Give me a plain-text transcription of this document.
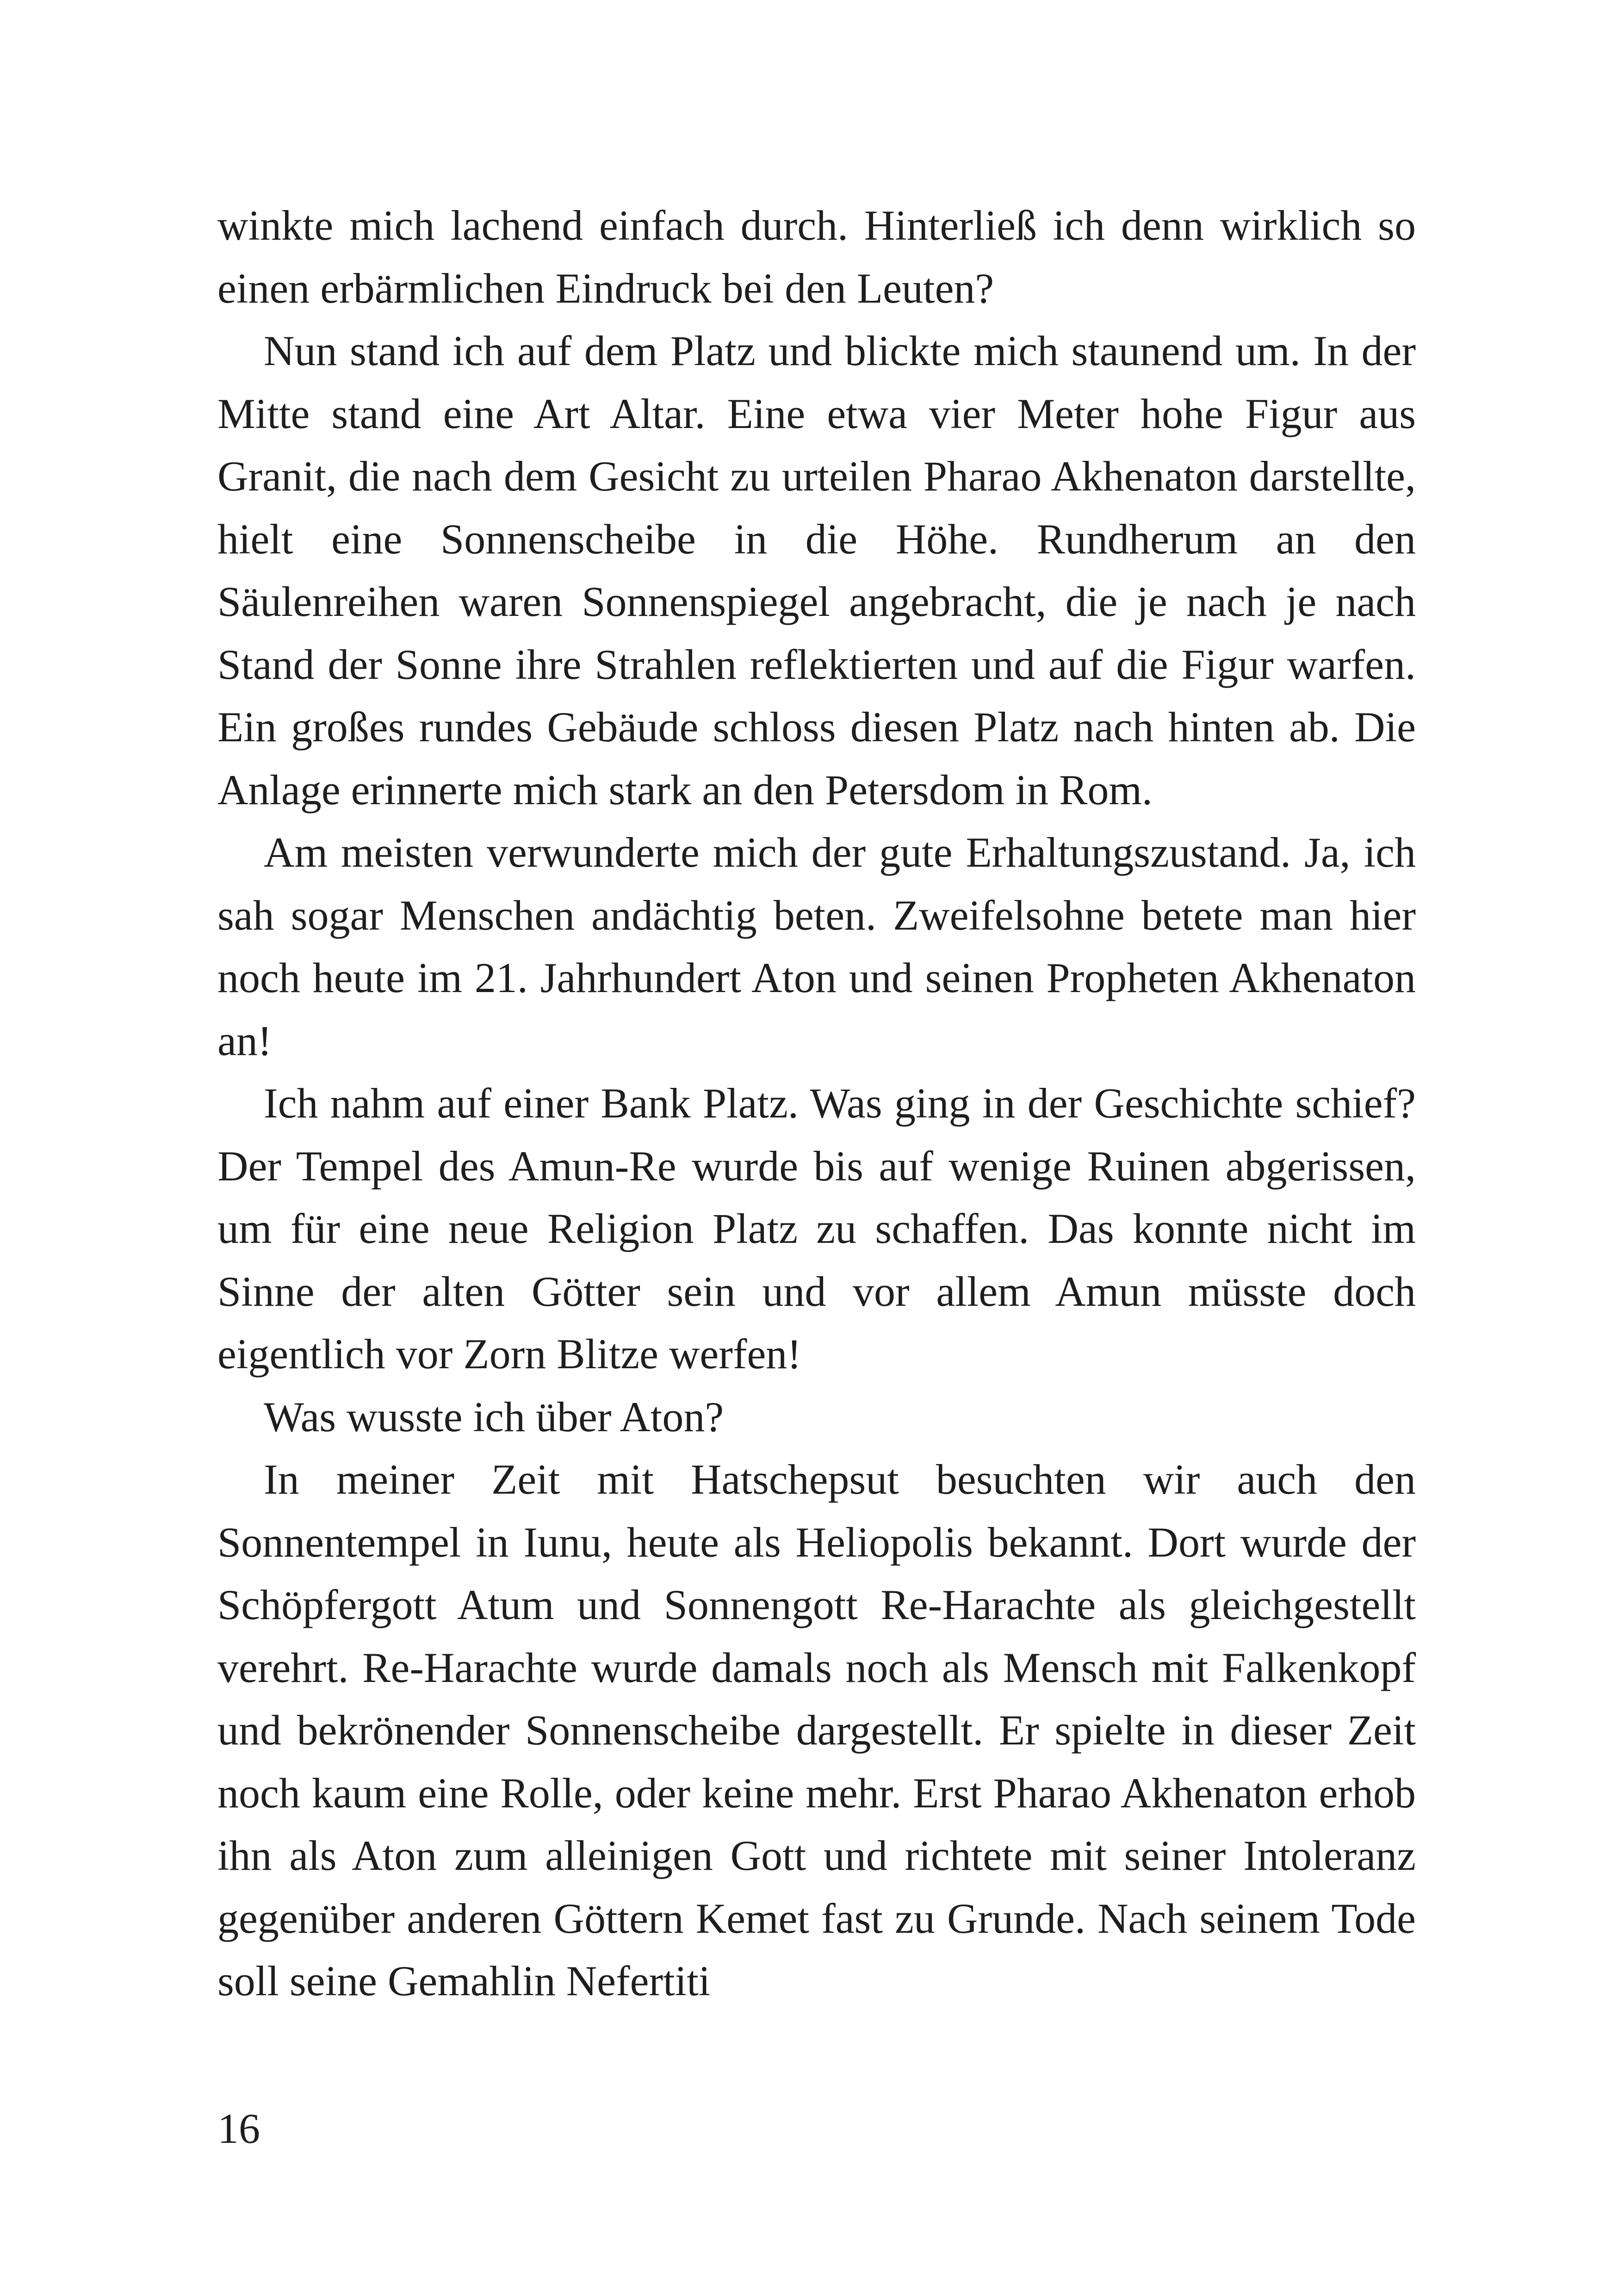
winkte mich lachend einfach durch. Hinterließ ich denn wirklich so einen erbärmlichen Eindruck bei den Leuten?

Nun stand ich auf dem Platz und blickte mich staunend um. In der Mitte stand eine Art Altar. Eine etwa vier Meter hohe Figur aus Granit, die nach dem Gesicht zu urteilen Pharao Akhenaton darstellte, hielt eine Sonnenscheibe in die Höhe. Rundherum an den Säulenreihen waren Sonnenspiegel angebracht, die je nach je nach Stand der Sonne ihre Strahlen reflektierten und auf die Figur warfen. Ein großes rundes Gebäude schloss diesen Platz nach hinten ab. Die Anlage erinnerte mich stark an den Petersdom in Rom.

Am meisten verwunderte mich der gute Erhaltungszustand. Ja, ich sah sogar Menschen andächtig beten. Zweifelsohne betete man hier noch heute im 21. Jahrhundert Aton und seinen Propheten Akhenaton an!

Ich nahm auf einer Bank Platz. Was ging in der Geschichte schief? Der Tempel des Amun-Re wurde bis auf wenige Ruinen abgerissen, um für eine neue Religion Platz zu schaffen. Das konnte nicht im Sinne der alten Götter sein und vor allem Amun müsste doch eigentlich vor Zorn Blitze werfen!

Was wusste ich über Aton?

In meiner Zeit mit Hatschepsut besuchten wir auch den Sonnentempel in Iunu, heute als Heliopolis bekannt. Dort wurde der Schöpfergott Atum und Sonnengott Re-Harachte als gleichgestellt verehrt. Re-Harachte wurde damals noch als Mensch mit Falkenkopf und bekrönender Sonnenscheibe dargestellt. Er spielte in dieser Zeit noch kaum eine Rolle, oder keine mehr. Erst Pharao Akhenaton erhob ihn als Aton zum alleinigen Gott und richtete mit seiner Intoleranz gegenüber anderen Göttern Kemet fast zu Grunde. Nach seinem Tode soll seine Gemahlin Nefertiti

16
